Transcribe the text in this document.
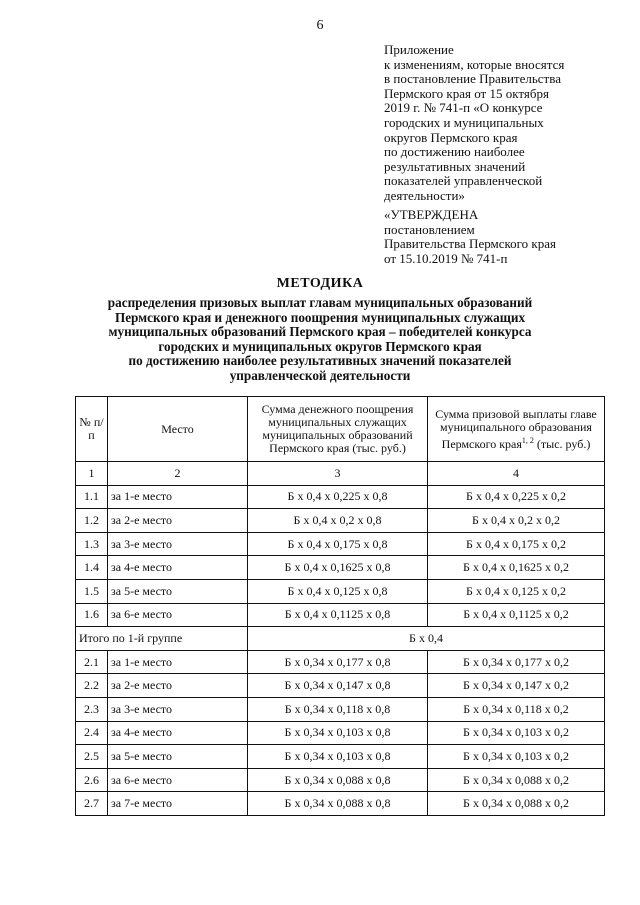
6
Приложение
к изменениям, которые вносятся
в постановление Правительства
Пермского края от 15 октября
2019 г. № 741-п «О конкурсе
городских и муниципальных
округов Пермского края
по достижению наиболее
результативных значений
показателей управленческой
деятельности»
«УТВЕРЖДЕНА
постановлением
Правительства Пермского края
от 15.10.2019 № 741-п
МЕТОДИКА
распределения призовых выплат главам муниципальных образований
Пермского края и денежного поощрения муниципальных служащих
муниципальных образований Пермского края – победителей конкурса
городских и муниципальных округов Пермского края
по достижению наиболее результативных значений показателей
управленческой деятельности
№ п/п	Место	Сумма денежного поощрения муниципальных служащих муниципальных образований Пермского края (тыс. руб.)	Сумма призовой выплаты главе муниципального образования Пермского края$^{1, 2}$ (тыс. руб.)
1	2	3	4
1.1	за 1-е место	Б х 0,4 х 0,225 х 0,8	Б х 0,4 х 0,225 х 0,2
1.2	за 2-е место	Б х 0,4 х 0,2 х 0,8	Б х 0,4 х 0,2 х 0,2
1.3	за 3-е место	Б х 0,4 х 0,175 х 0,8	Б х 0,4 х 0,175 х 0,2
1.4	за 4-е место	Б х 0,4 х 0,1625 х 0,8	Б х 0,4 х 0,1625 х 0,2
1.5	за 5-е место	Б х 0,4 х 0,125 х 0,8	Б х 0,4 х 0,125 х 0,2
1.6	за 6-е место	Б х 0,4 х 0,1125 х 0,8	Б х 0,4 х 0,1125 х 0,2
Итого по 1-й группе		Б х 0,4	
2.1	за 1-е место	Б х 0,34 х 0,177 х 0,8	Б х 0,34 х 0,177 х 0,2
2.2	за 2-е место	Б х 0,34 х 0,147 х 0,8	Б х 0,34 х 0,147 х 0,2
2.3	за 3-е место	Б х 0,34 х 0,118 х 0,8	Б х 0,34 х 0,118 х 0,2
2.4	за 4-е место	Б х 0,34 х 0,103 х 0,8	Б х 0,34 х 0,103 х 0,2
2.5	за 5-е место	Б х 0,34 х 0,103 х 0,8	Б х 0,34 х 0,103 х 0,2
2.6	за 6-е место	Б х 0,34 х 0,088 х 0,8	Б х 0,34 х 0,088 х 0,2
2.7	за 7-е место	Б х 0,34 х 0,088 х 0,8	Б х 0,34 х 0,088 х 0,2
